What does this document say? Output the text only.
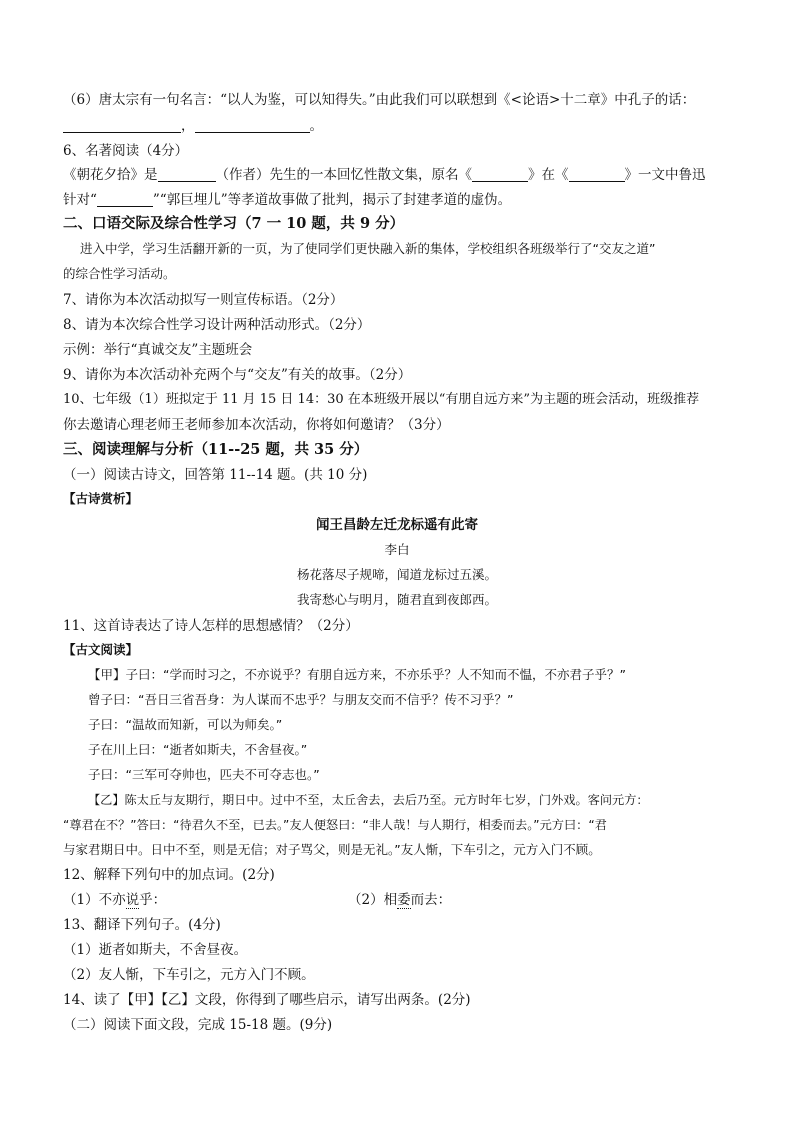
（6）唐太宗有一句名言：“以人为鉴，可以知得失。”由此我们可以联想到《<论语>十二章》中孔子的话：
，	。
6、名著阅读（4分）
《朝花夕拾》是	（作者）先生的一本回忆性散文集，原名《	》在《	》一文中鲁迅
针对“	”“郭巨埋儿”等孝道故事做了批判，揭示了封建孝道的虚伪。
二、口语交际及综合性学习（7 一 10 题，共 9 分）
进入中学，学习生活翻开新的一页，为了使同学们更快融入新的集体，学校组织各班级举行了“交友之道”
的综合性学习活动。
7、请你为本次活动拟写一则宣传标语。（2分）
8、请为本次综合性学习设计两种活动形式。（2分）
示例：举行“真诚交友”主题班会
9、请你为本次活动补充两个与“交友”有关的故事。（2分）
10、七年级（1）班拟定于 11 月 15 日 14：30 在本班级开展以“有朋自远方来”为主题的班会活动，班级推荐
你去邀请心理老师王老师参加本次活动，你将如何邀请？（3分）
三、阅读理解与分析（11--25 题，共 35 分）
（一）阅读古诗文，回答第 11--14 题。(共 10 分)
【古诗赏析】
闻王昌龄左迁龙标遥有此寄
李白
杨花落尽子规啼，闻道龙标过五溪。
我寄愁心与明月，随君直到夜郎西。
11、这首诗表达了诗人怎样的思想感情？（2分）
【古文阅读】
【甲】子曰：“学而时习之，不亦说乎？有朋自远方来，不亦乐乎？人不知而不愠，不亦君子乎？”
曾子曰：“吾日三省吾身：为人谋而不忠乎？与朋友交而不信乎？传不习乎？”
子曰：“温故而知新，可以为师矣。”
子在川上曰：“逝者如斯夫，不舍昼夜。”
子曰：“三军可夺帅也，匹夫不可夺志也。”
【乙】陈太丘与友期行，期日中。过中不至，太丘舍去，去后乃至。元方时年七岁，门外戏。客问元方：
“尊君在不？”答曰：“待君久不至，已去。”友人便怒曰：“非人哉！与人期行，相委而去。”元方曰：“君
与家君期日中。日中不至，则是无信；对子骂父，则是无礼。”友人惭，下车引之，元方入门不顾。
12、解释下列句中的加点词。(2分)
（1）不亦说乎：	（2）相委而去：
13、翻译下列句子。(4分)
（1）逝者如斯夫，不舍昼夜。
（2）友人惭，下车引之，元方入门不顾。
14、读了【甲】【乙】文段，你得到了哪些启示，请写出两条。(2分)
（二）阅读下面文段，完成 15-18 题。(9分)
